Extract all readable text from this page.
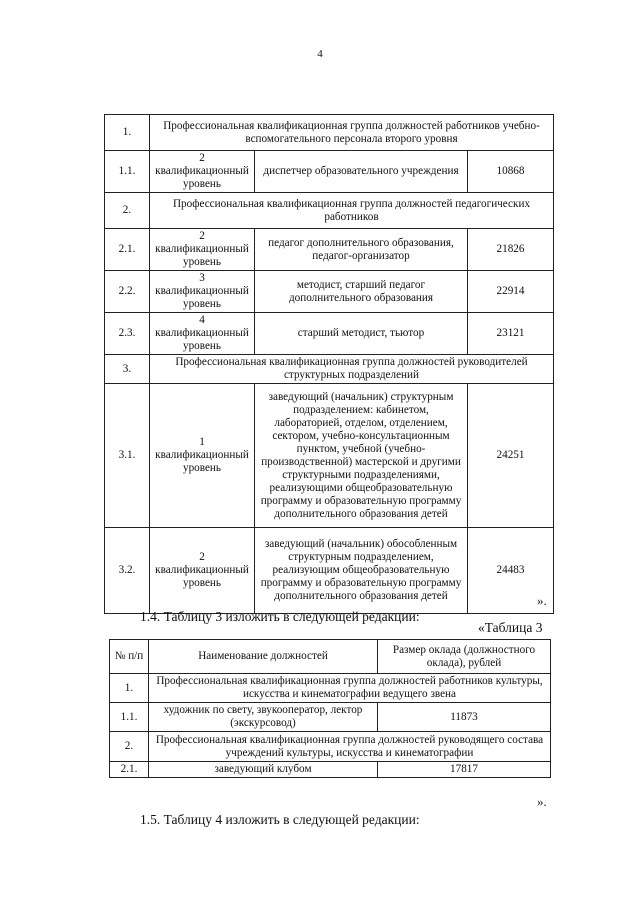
4
1.	Профессиональная квалификационная группа должностей работников учебно-вспомогательного персонала второго уровня		
1.1.	2 квалификационный уровень	диспетчер образовательного учреждения	10868
2.	Профессиональная квалификационная группа должностей педагогических работников		
2.1.	2 квалификационный уровень	педагог дополнительного образования, педагог-организатор	21826
2.2.	3 квалификационный уровень	методист, старший педагог дополнительного образования	22914
2.3.	4 квалификационный уровень	старший методист, тьютор	23121
3.	Профессиональная квалификационная группа должностей руководителей структурных подразделений		
3.1.	1 квалификационный уровень	заведующий (начальник) структурным подразделением: кабинетом, лабораторией, отделом, отделением, сектором, учебно-консультационным пунктом, учебной (учебно-производственной) мастерской и другими структурными подразделениями, реализующими общеобразовательную программу и образовательную программу дополнительного образования детей	24251
3.2.	2 квалификационный уровень	заведующий (начальник) обособленным структурным подразделением, реализующим общеобразовательную программу и образовательную программу дополнительного образования детей	24483
».
1.4. Таблицу 3 изложить в следующей редакции:
«Таблица 3
№ п/п	Наименование должностей	Размер оклада (должностного оклада), рублей
1.	Профессиональная квалификационная группа должностей работников культуры, искусства и кинематографии ведущего звена	
1.1.	художник по свету, звукооператор, лектор (экскурсовод)	11873
2.	Профессиональная квалификационная группа должностей руководящего состава учреждений культуры, искусства и кинематографии	
2.1.	заведующий клубом	17817
».
1.5. Таблицу 4 изложить в следующей редакции:
